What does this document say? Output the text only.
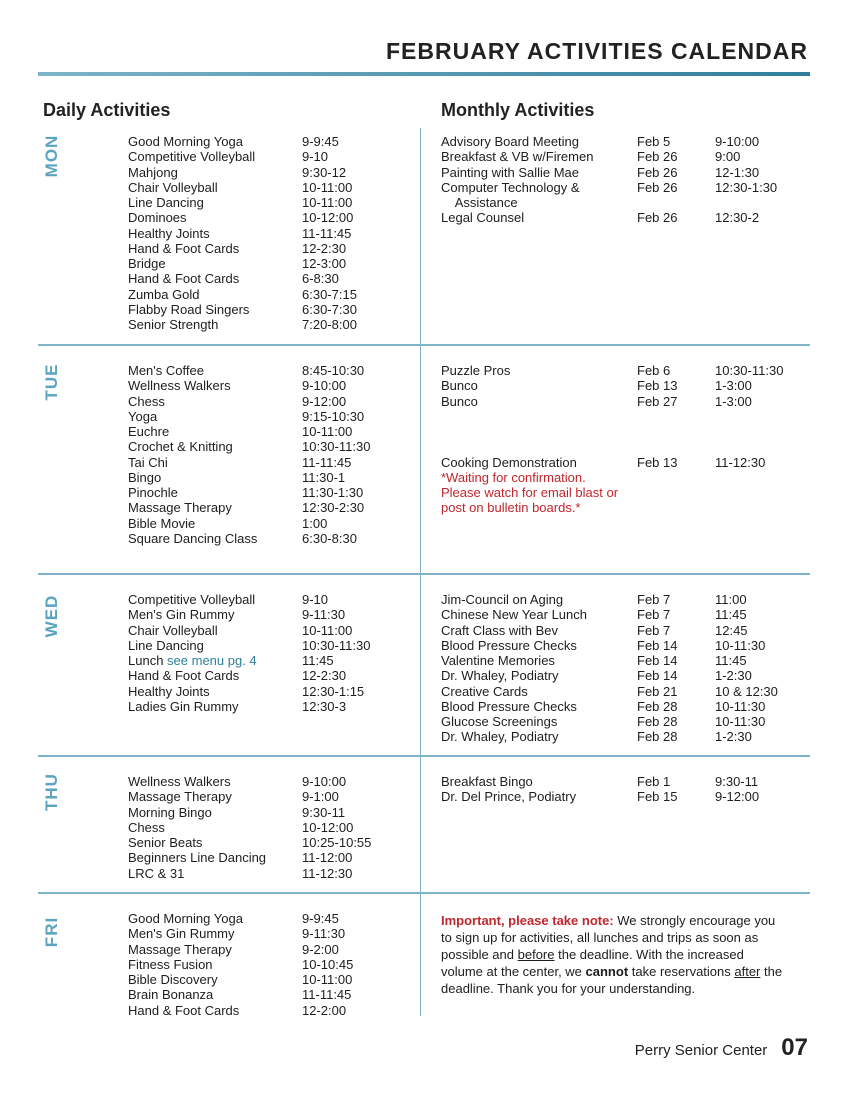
FEBRUARY ACTIVITIES CALENDAR
Daily Activities	Monthly Activities
MON	Good Morning Yoga	9-9:45
Competitive Volleyball	9-10
Mahjong	9:30-12
Chair Volleyball	10-11:00
Line Dancing	10-11:00
Dominoes	10-12:00
Healthy Joints	11-11:45
Hand & Foot Cards	12-2:30
Bridge	12-3:00
Hand & Foot Cards	6-8:30
Zumba Gold	6:30-7:15
Flabby Road Singers	6:30-7:30
Senior Strength	7:20-8:00
Advisory Board Meeting	Feb 5	9-10:00
Breakfast & VB w/Firemen	Feb 26	9:00
Painting with Sallie Mae	Feb 26	12-1:30
Computer Technology &	Feb 26	12:30-1:30
Assistance
Legal Counsel	Feb 26	12:30-2
TUE	Men's Coffee	8:45-10:30
Wellness Walkers	9-10:00
Chess	9-12:00
Yoga	9:15-10:30
Euchre	10-11:00
Crochet & Knitting	10:30-11:30
Tai Chi	11-11:45
Bingo	11:30-1
Pinochle	11:30-1:30
Massage Therapy	12:30-2:30
Bible Movie	1:00
Square Dancing Class	6:30-8:30
Puzzle Pros	Feb 6	10:30-11:30
Bunco	Feb 13	1-3:00
Bunco	Feb 27	1-3:00
Cooking Demonstration	Feb 13	11-12:30
*Waiting for confirmation. Please watch for email blast or post on bulletin boards.*
WED	Competitive Volleyball	9-10
Men's Gin Rummy	9-11:30
Chair Volleyball	10-11:00
Line Dancing	10:30-11:30
Lunch see menu pg. 4	11:45
Hand & Foot Cards	12-2:30
Healthy Joints	12:30-1:15
Ladies Gin Rummy	12:30-3
Jim-Council on Aging	Feb 7	11:00
Chinese New Year Lunch	Feb 7	11:45
Craft Class with Bev	Feb 7	12:45
Blood Pressure Checks	Feb 14	10-11:30
Valentine Memories	Feb 14	11:45
Dr. Whaley, Podiatry	Feb 14	1-2:30
Creative Cards	Feb 21	10 & 12:30
Blood Pressure Checks	Feb 28	10-11:30
Glucose Screenings	Feb 28	10-11:30
Dr. Whaley, Podiatry	Feb 28	1-2:30
THU	Wellness Walkers	9-10:00
Massage Therapy	9-1:00
Morning Bingo	9:30-11
Chess	10-12:00
Senior Beats	10:25-10:55
Beginners Line Dancing	11-12:00
LRC & 31	11-12:30
Breakfast Bingo	Feb 1	9:30-11
Dr. Del Prince, Podiatry	Feb 15	9-12:00
FRI	Good Morning Yoga	9-9:45
Men's Gin Rummy	9-11:30
Massage Therapy	9-2:00
Fitness Fusion	10-10:45
Bible Discovery	10-11:00
Brain Bonanza	11-11:45
Hand & Foot Cards	12-2:00
Important, please take note: We strongly encourage you to sign up for activities, all lunches and trips as soon as possible and before the deadline. With the increased volume at the center, we cannot take reservations after the deadline. Thank you for your understanding.
Perry Senior Center 07
